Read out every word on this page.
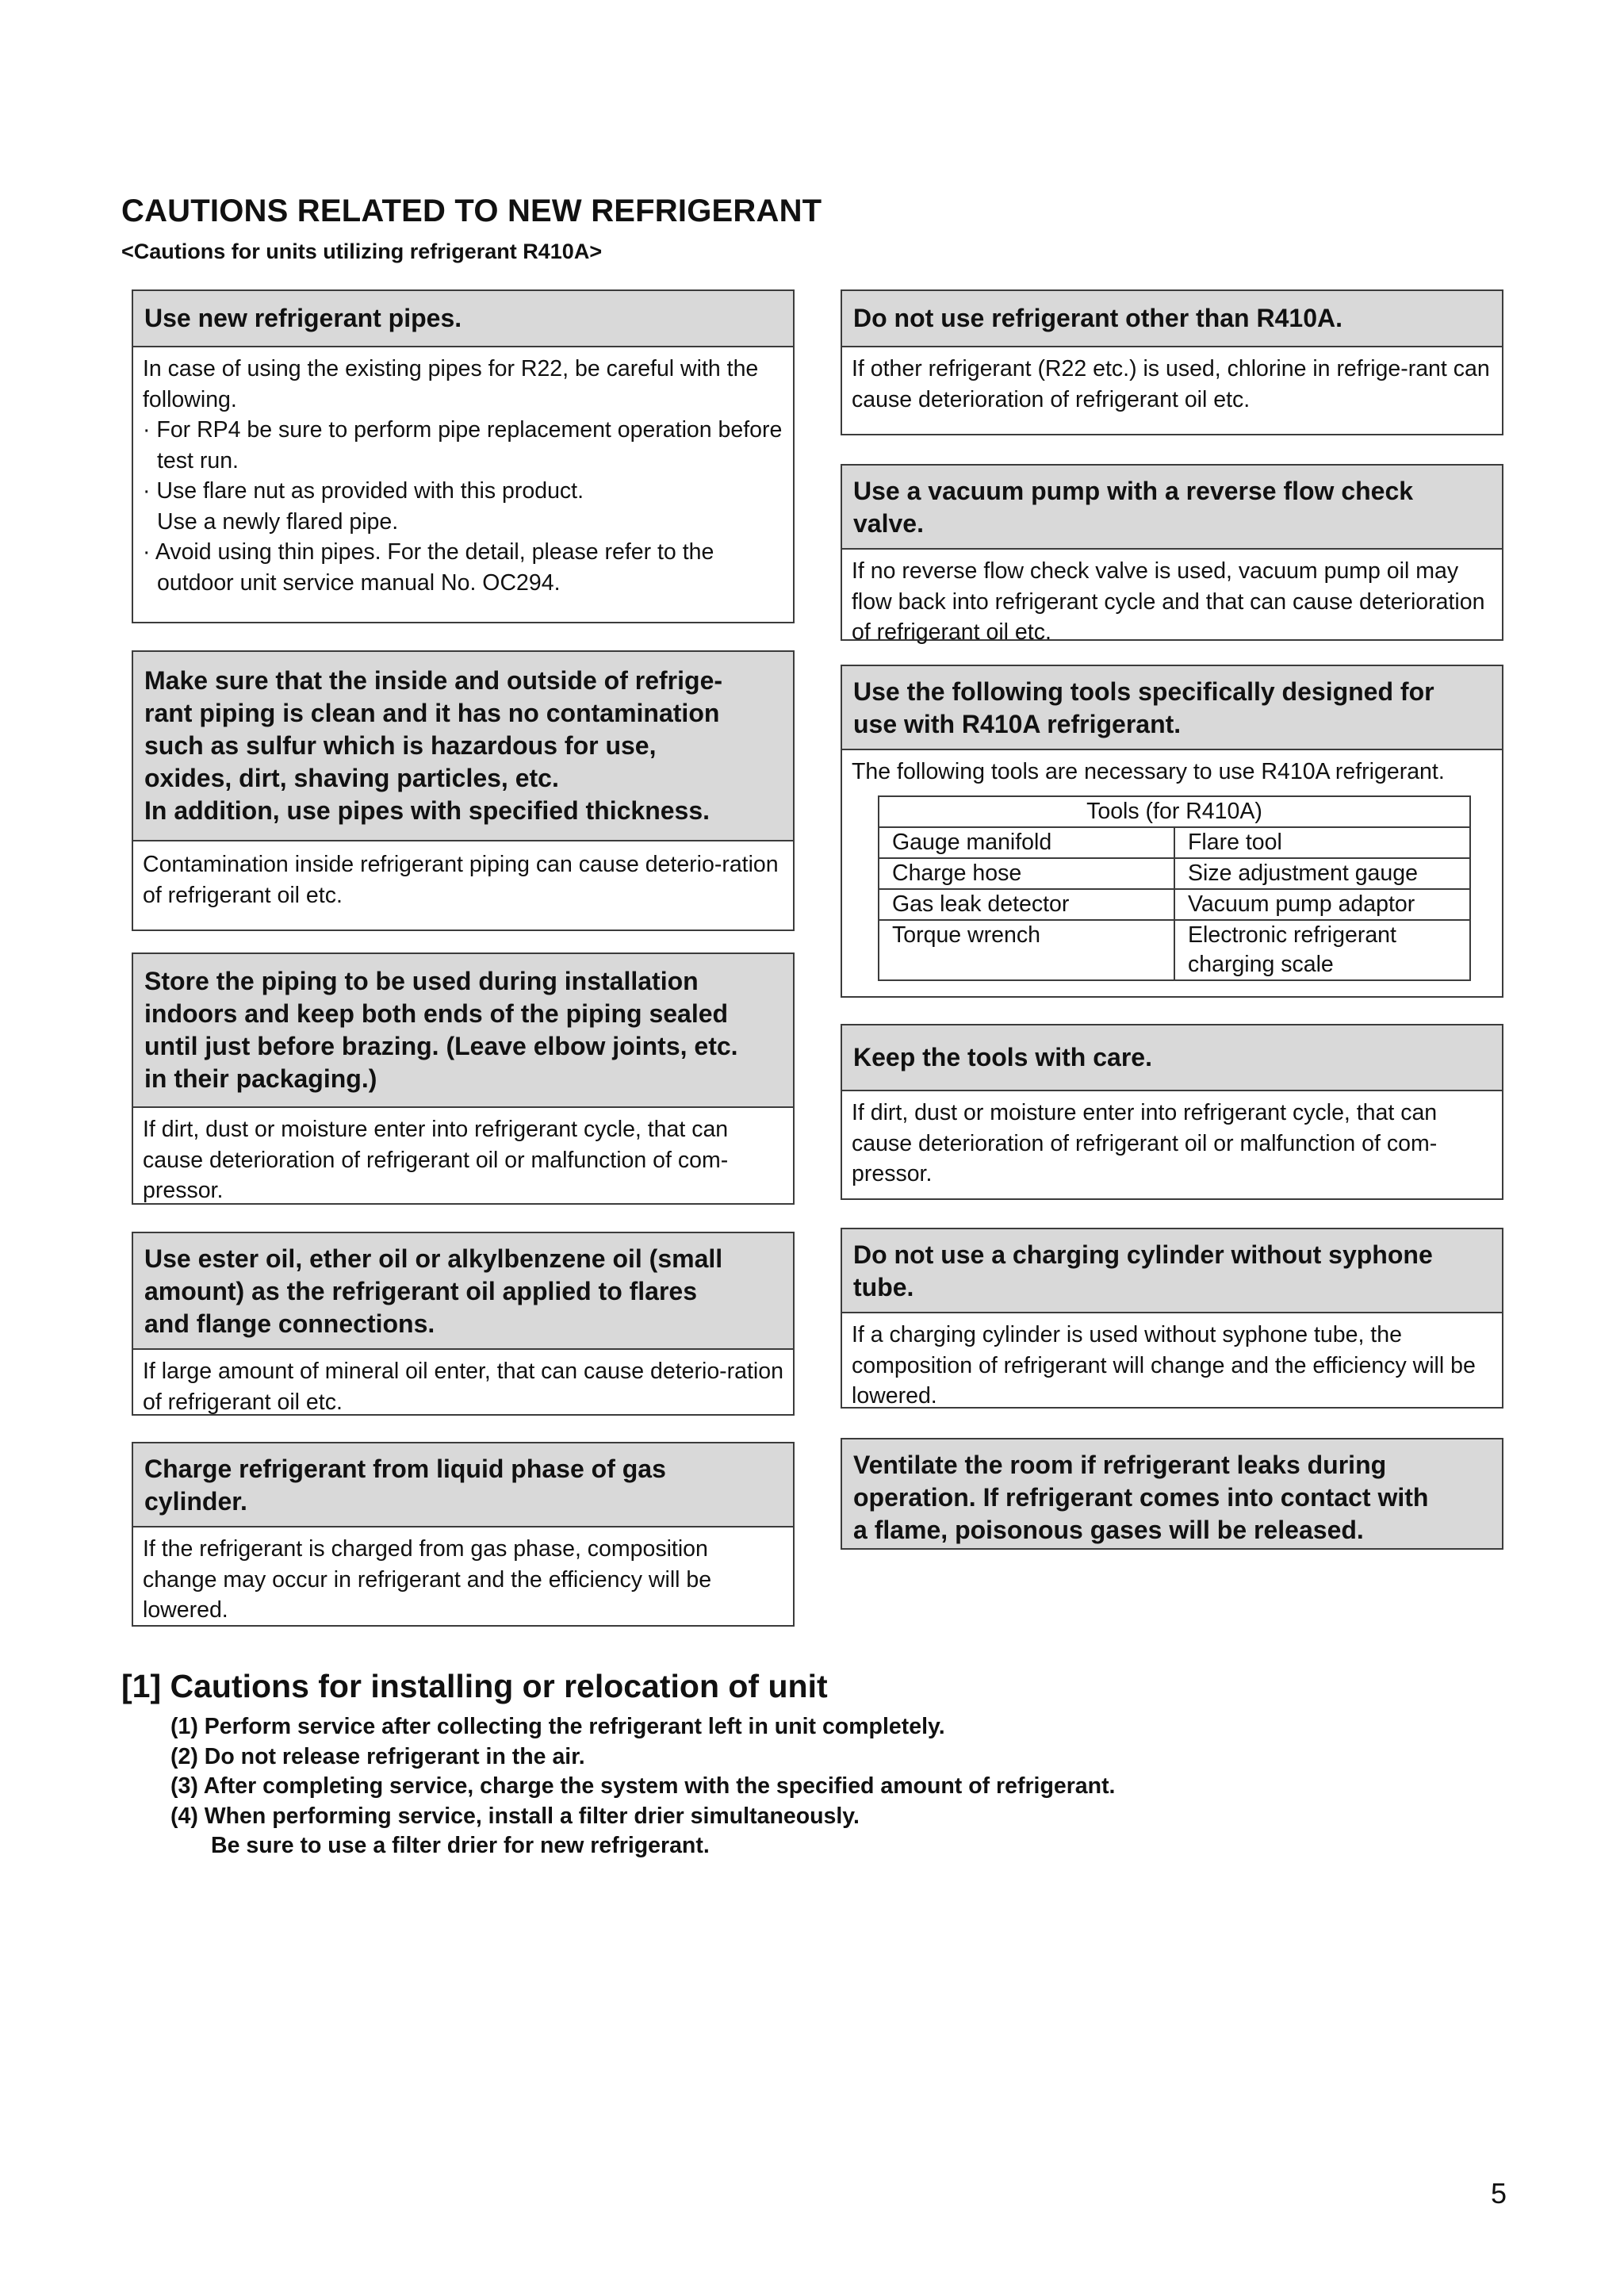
CAUTIONS RELATED TO NEW REFRIGERANT
<Cautions for units utilizing refrigerant R410A>
Use new refrigerant pipes.

In case of using the existing pipes for R22, be careful with the following.

· For RP4 be sure to perform pipe replacement operation before test run.

· Use flare nut as provided with this product.

Use a newly flared pipe.

· Avoid using thin pipes. For the detail, please refer to the outdoor unit service manual No. OC294.

Make sure that the inside and outside of refrige-
rant piping is clean and it has no contamination
such as sulfur which is hazardous for use,
oxides, dirt, shaving particles, etc.
In addition, use pipes with specified thickness.
Contamination inside refrigerant piping can cause deterio-ration of refrigerant oil etc.
Store the piping to be used during installation
indoors and keep both ends of the piping sealed
until just before brazing. (Leave elbow joints, etc.
in their packaging.)
If dirt, dust or moisture enter into refrigerant cycle, that can cause deterioration of refrigerant oil or malfunction of com-pressor.
Use ester oil, ether oil or alkylbenzene oil (small
amount) as the refrigerant oil applied to flares
and flange connections.
If large amount of mineral oil enter, that can cause deterio-ration of refrigerant oil etc.
Charge refrigerant from liquid phase of gas
cylinder.
If the refrigerant is charged from gas phase, composition change may occur in refrigerant and the efficiency will be lowered.
Do not use refrigerant other than R410A.
If other refrigerant (R22 etc.) is used, chlorine in refrige-rant can cause deterioration of refrigerant oil etc.
Use a vacuum pump with a reverse flow check
valve.
If no reverse flow check valve is used, vacuum pump oil may flow back into refrigerant cycle and that can cause deterioration of refrigerant oil etc.
Use the following tools specifically designed for
use with R410A refrigerant.

The following tools are necessary to use R410A refrigerant.

Tools (for R410A)	
Gauge manifold	Flare tool
Charge hose	Size adjustment gauge
Gas leak detector	Vacuum pump adaptor
Torque wrench	Electronic refrigerant charging scale
Keep the tools with care.
If dirt, dust or moisture enter into refrigerant cycle, that can cause deterioration of refrigerant oil or malfunction of com-pressor.
Do not use a charging cylinder without syphone
tube.
If a charging cylinder is used without syphone tube, the composition of refrigerant will change and the efficiency will be lowered.
Ventilate the room if refrigerant leaks during
operation. If refrigerant comes into contact with
a flame, poisonous gases will be released.
[1] Cautions for installing or relocation of unit
(1) Perform service after collecting the refrigerant left in unit completely.
(2) Do not release refrigerant in the air.
(3) After completing service, charge the system with the specified amount of refrigerant.
(4) When performing service, install a filter drier simultaneously.
Be sure to use a filter drier for new refrigerant.
5
